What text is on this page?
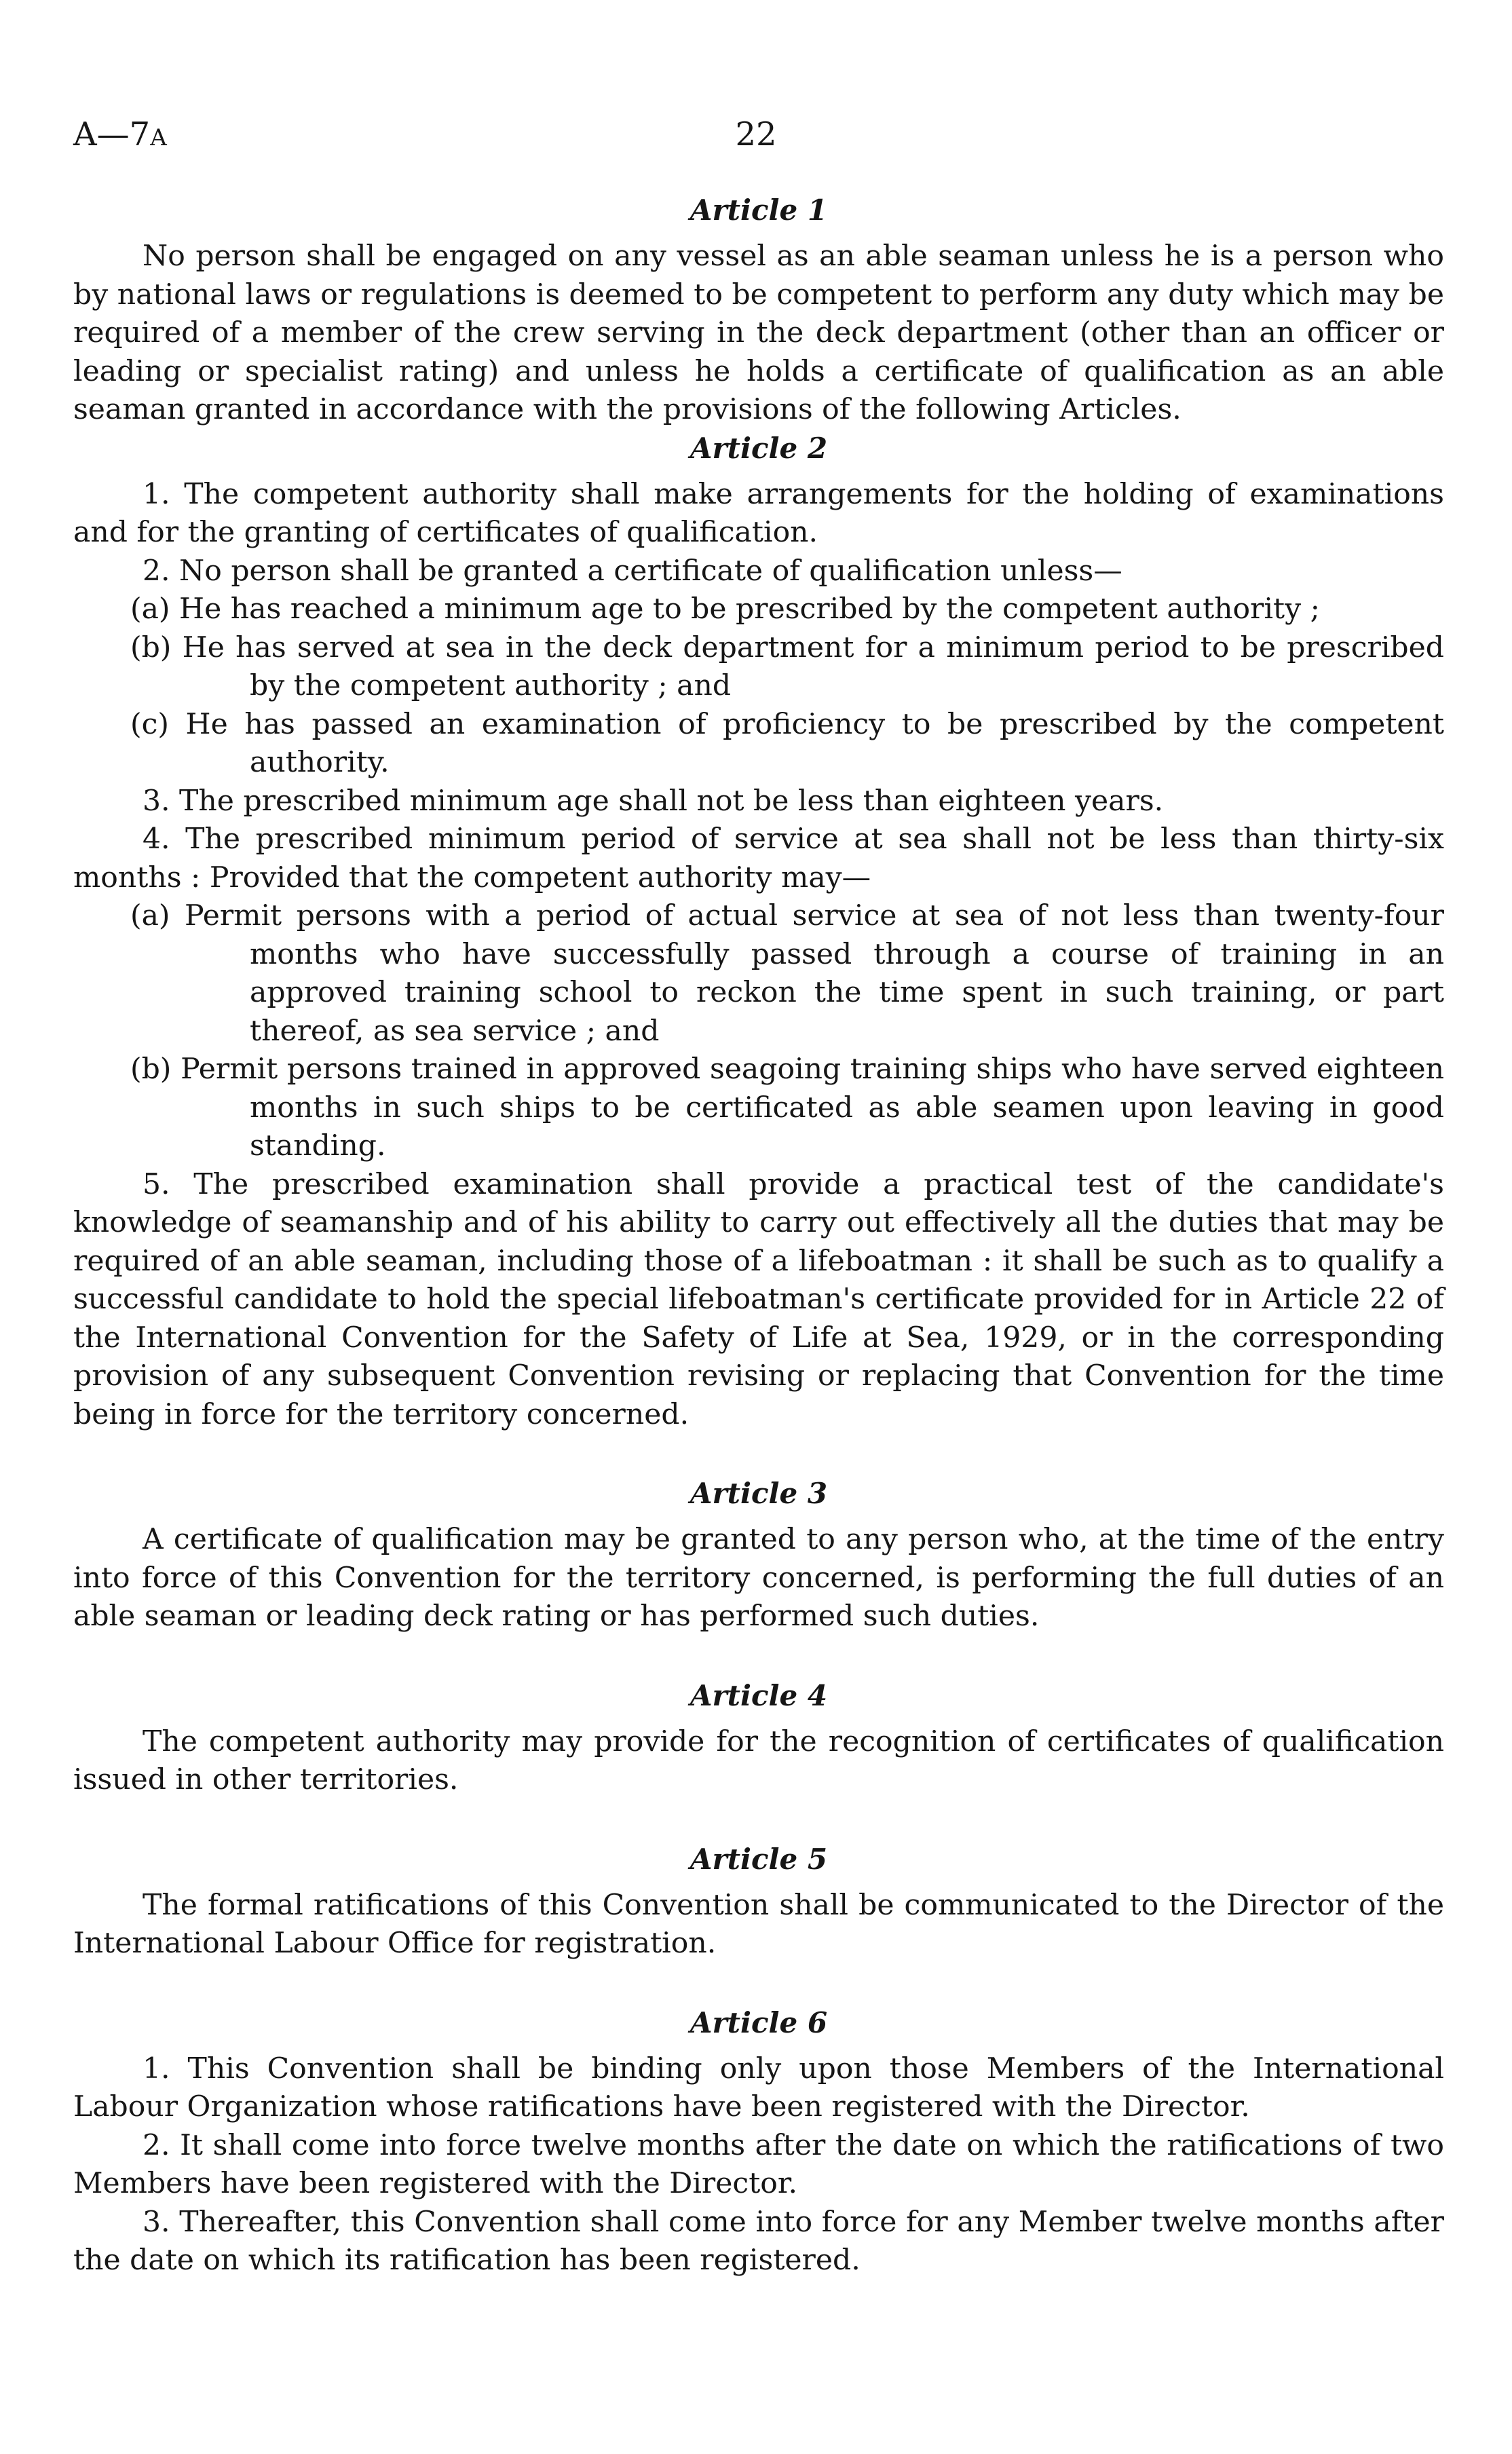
A—7A	22
Article 1

No person shall be engaged on any vessel as an able seaman unless he is a person who by national laws or regulations is deemed to be competent to perform any duty which may be required of a member of the crew serving in the deck department (other than an officer or leading or specialist rating) and unless he holds a certificate of qualification as an able seaman granted in accordance with the provisions of the following Articles.

Article 2

1. The competent authority shall make arrangements for the holding of examinations and for the granting of certificates of qualification.

2. No person shall be granted a certificate of qualification unless—

(a) He has reached a minimum age to be prescribed by the competent authority ;

(b) He has served at sea in the deck department for a minimum period to be prescribed by the competent authority ; and

(c) He has passed an examination of proficiency to be prescribed by the competent authority.

3. The prescribed minimum age shall not be less than eighteen years.

4. The prescribed minimum period of service at sea shall not be less than thirty-six months : Provided that the competent authority may—

(a) Permit persons with a period of actual service at sea of not less than twenty-four months who have successfully passed through a course of training in an approved training school to reckon the time spent in such training, or part thereof, as sea service ; and

(b) Permit persons trained in approved seagoing training ships who have served eighteen months in such ships to be certificated as able seamen upon leaving in good standing.

5. The prescribed examination shall provide a practical test of the candidate's knowledge of seamanship and of his ability to carry out effectively all the duties that may be required of an able seaman, including those of a lifeboatman : it shall be such as to qualify a successful candidate to hold the special lifeboatman's certificate provided for in Article 22 of the International Convention for the Safety of Life at Sea, 1929, or in the corresponding provision of any subsequent Convention revising or replacing that Convention for the time being in force for the territory concerned.

Article 3

A certificate of qualification may be granted to any person who, at the time of the entry into force of this Convention for the territory concerned, is performing the full duties of an able seaman or leading deck rating or has performed such duties.

Article 4

The competent authority may provide for the recognition of certificates of qualification issued in other territories.

Article 5

The formal ratifications of this Convention shall be communicated to the Director of the International Labour Office for registration.

Article 6

1. This Convention shall be binding only upon those Members of the International Labour Organization whose ratifications have been registered with the Director.

2. It shall come into force twelve months after the date on which the ratifications of two Members have been registered with the Director.

3. Thereafter, this Convention shall come into force for any Member twelve months after the date on which its ratification has been registered.
